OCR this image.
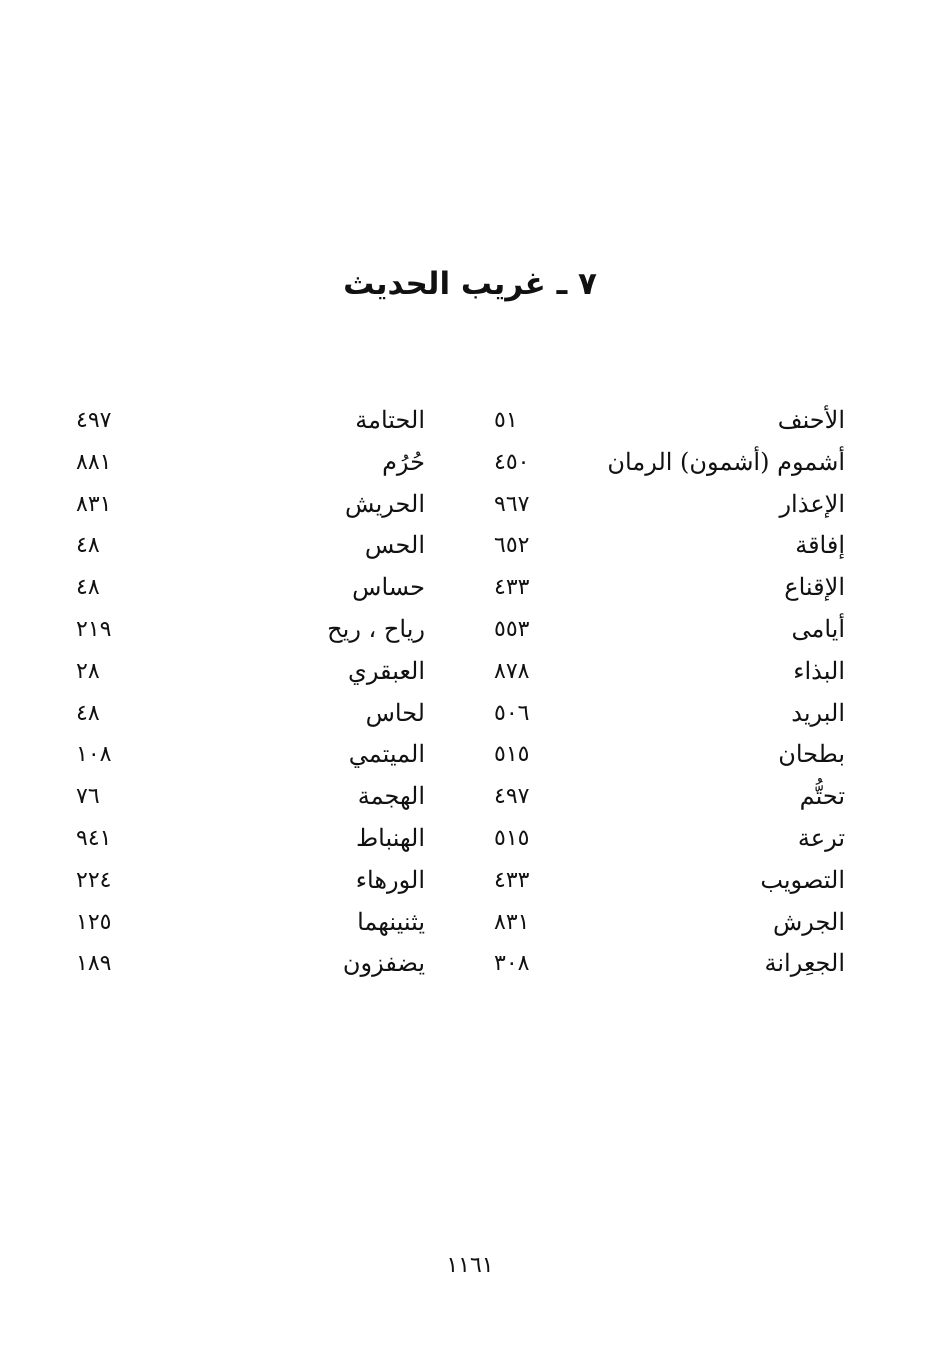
٧ ـ غريب الحديث
الأحنف
٥١
الحتامة
٤٩٧
أشموم (أشمون) الرمان
٤٥٠
حُرُم
٨٨١
الإعذار
٩٦٧
الحريش
٨٣١
إفاقة
٦٥٢
الحس
٤٨
الإقناع
٤٣٣
حساس
٤٨
أيامى
٥٥٣
رياح ، ريح
٢١٩
البذاء
٨٧٨
العبقري
٢٨
البريد
٥٠٦
لحاس
٤٨
بطحان
٥١٥
الميتمي
١٠٨
تحتُّم
٤٩٧
الهجمة
٧٦
ترعة
٥١٥
الهنباط
٩٤١
التصويب
٤٣٣
الورهاء
٢٢٤
الجرش
٨٣١
يثنينهما
١٢٥
الجعِرانة
٣٠٨
يضفزون
١٨٩
١١٦١
